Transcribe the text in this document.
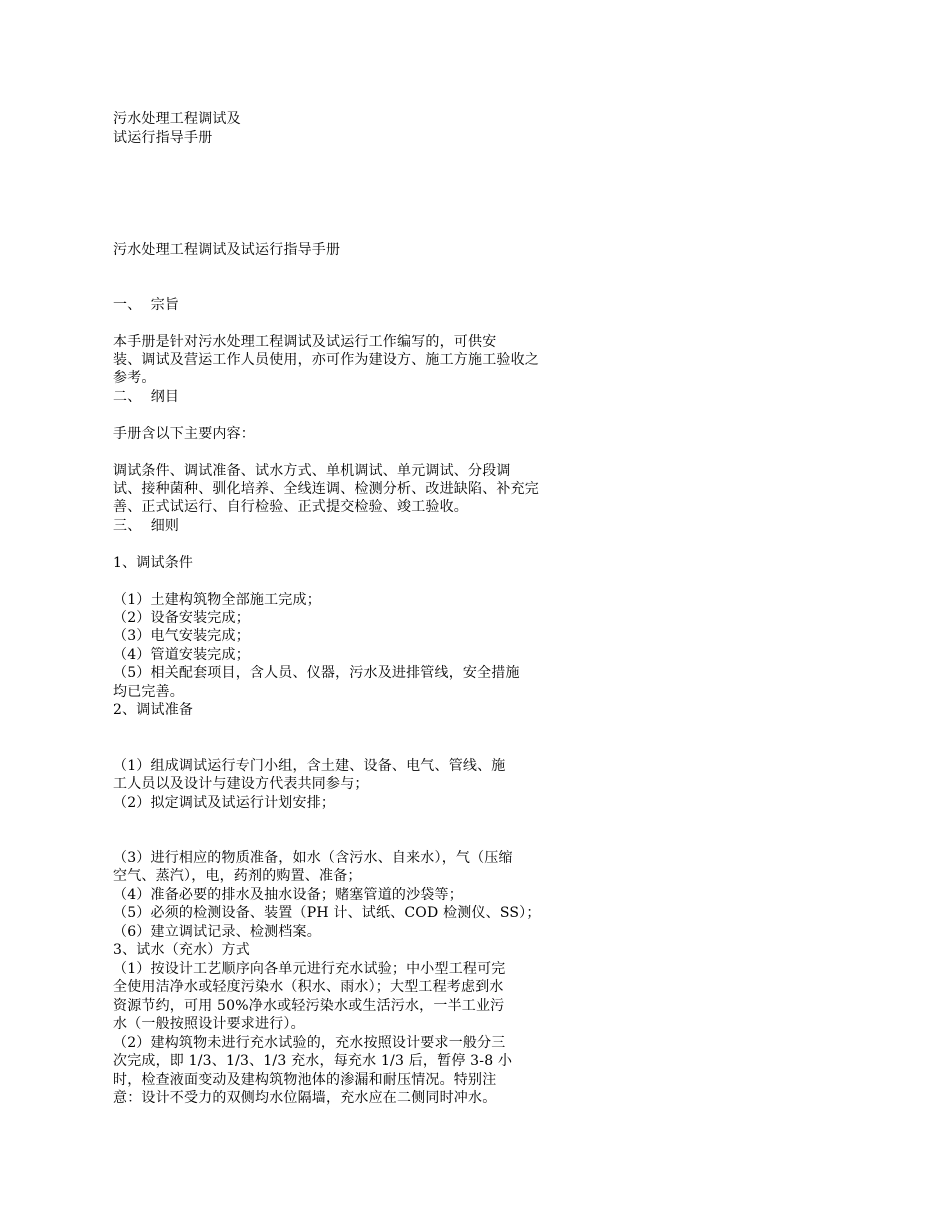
污水处理工程调试及
试运行指导手册
污水处理工程调试及试运行指导手册
一、  宗旨
本手册是针对污水处理工程调试及试运行工作编写的，可供安
装、调试及营运工作人员使用，亦可作为建设方、施工方施工验收之
参考。
二、  纲目
手册含以下主要内容：
调试条件、调试准备、试水方式、单机调试、单元调试、分段调
试、接种菌种、驯化培养、全线连调、检测分析、改进缺陷、补充完
善、正式试运行、自行检验、正式提交检验、竣工验收。
三、  细则
1、调试条件
（1）土建构筑物全部施工完成；
（2）设备安装完成；
（3）电气安装完成；
（4）管道安装完成；
（5）相关配套项目，含人员、仪器，污水及进排管线，安全措施
均已完善。
2、调试准备
（1）组成调试运行专门小组，含土建、设备、电气、管线、施
工人员以及设计与建设方代表共同参与；
（2）拟定调试及试运行计划安排；
（3）进行相应的物质准备，如水（含污水、自来水），气（压缩
空气、蒸汽），电，药剂的购置、准备；
（4）准备必要的排水及抽水设备；赌塞管道的沙袋等；
（5）必须的检测设备、装置（PH 计、试纸、COD 检测仪、SS）；
（6）建立调试记录、检测档案。
3、试水（充水）方式
（1）按设计工艺顺序向各单元进行充水试验；中小型工程可完
全使用洁净水或轻度污染水（积水、雨水）；大型工程考虑到水
资源节约，可用 50%净水或轻污染水或生活污水，一半工业污
水（一般按照设计要求进行）。
（2）建构筑物未进行充水试验的，充水按照设计要求一般分三
次完成，即 1/3、1/3、1/3 充水，每充水 1/3 后，暂停 3-8 小
时，检查液面变动及建构筑物池体的渗漏和耐压情况。特别注
意：设计不受力的双侧均水位隔墙，充水应在二侧同时冲水。
